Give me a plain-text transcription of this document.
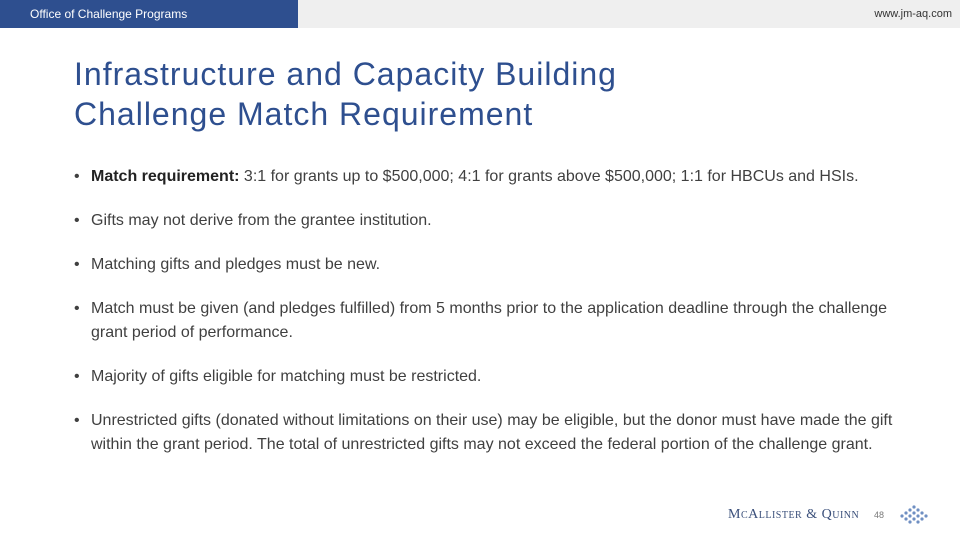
Office of Challenge Programs	www.jm-aq.com
Infrastructure and Capacity Building
Challenge Match Requirement
• Match requirement: 3:1 for grants up to $500,000; 4:1 for grants above $500,000; 1:1 for HBCUs and HSIs.
• Gifts may not derive from the grantee institution.
• Matching gifts and pledges must be new.
• Match must be given (and pledges fulfilled) from 5 months prior to the application deadline through the challenge grant period of performance.
• Majority of gifts eligible for matching must be restricted.
• Unrestricted gifts (donated without limitations on their use) may be eligible, but the donor must have made the gift within the grant period. The total of unrestricted gifts may not exceed the federal portion of the challenge grant.
McAllister & Quinn 48
